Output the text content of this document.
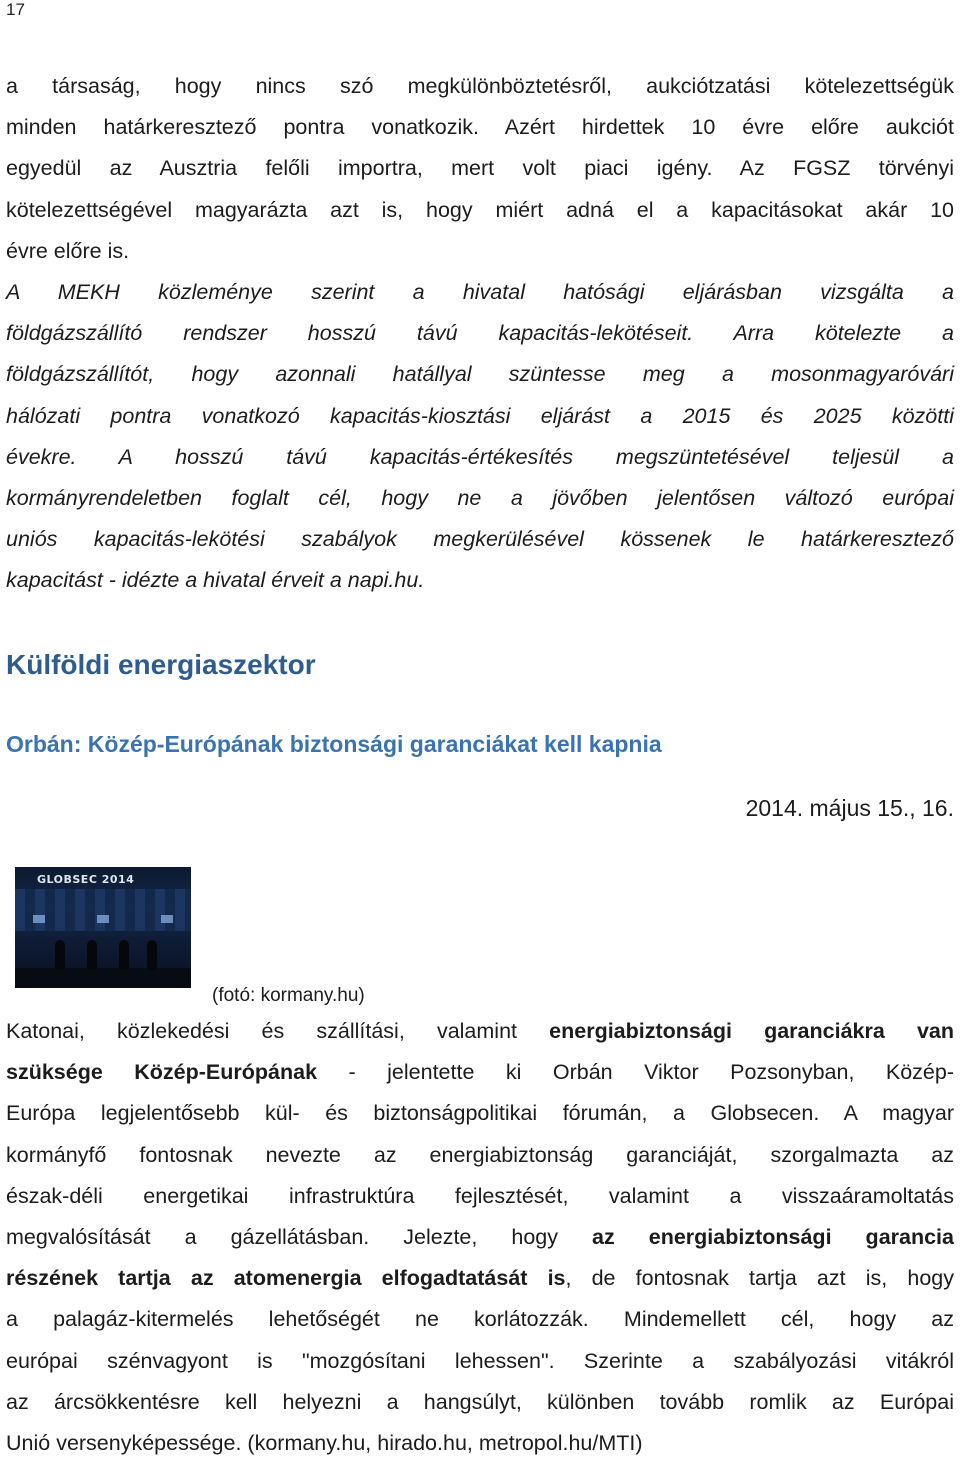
17
a társaság, hogy nincs szó megkülönböztetésről, aukciótzatási kötelezettségük
minden határkeresztező pontra vonatkozik. Azért hirdettek 10 évre előre aukciót
egyedül az Ausztria felőli importra, mert volt piaci igény. Az FGSZ törvényi
kötelezettségével magyarázta azt is, hogy miért adná el a kapacitásokat akár 10
évre előre is.
A MEKH közleménye szerint a hivatal hatósági eljárásban vizsgálta a
földgázszállító rendszer hosszú távú kapacitás-lekötéseit. Arra kötelezte a
földgázszállítót, hogy azonnali hatállyal szüntesse meg a mosonmagyaróvári
hálózati pontra vonatkozó kapacitás-kiosztási eljárást a 2015 és 2025 közötti
évekre. A hosszú távú kapacitás-értékesítés megszüntetésével teljesül a
kormányrendeletben foglalt cél, hogy ne a jövőben jelentősen változó európai
uniós kapacitás-lekötési szabályok megkerülésével kössenek le határkeresztező
kapacitást - idézte a hivatal érveit a napi.hu.
Külföldi energiaszektor
Orbán: Közép-Európának biztonsági garanciákat kell kapnia
2014. május 15., 16.
GLOBSEC 2014
(fotó: kormany.hu)
Katonai, közlekedési és szállítási, valamint energiabiztonsági garanciákra van
szüksége Közép-Európának - jelentette ki Orbán Viktor Pozsonyban, Közép-
Európa legjelentősebb kül- és biztonságpolitikai fórumán, a Globsecen. A magyar
kormányfő fontosnak nevezte az energiabiztonság garanciáját, szorgalmazta az
észak-déli energetikai infrastruktúra fejlesztését, valamint a visszaáramoltatás
megvalósítását a gázellátásban. Jelezte, hogy az energiabiztonsági garancia
részének tartja az atomenergia elfogadtatását is, de fontosnak tartja azt is, hogy
a palagáz-kitermelés lehetőségét ne korlátozzák. Mindemellett cél, hogy az
európai szénvagyont is "mozgósítani lehessen". Szerinte a szabályozási vitákról
az árcsökkentésre kell helyezni a hangsúlyt, különben tovább romlik az Európai
Unió versenyképessége. (kormany.hu, hirado.hu, metropol.hu/MTI)
